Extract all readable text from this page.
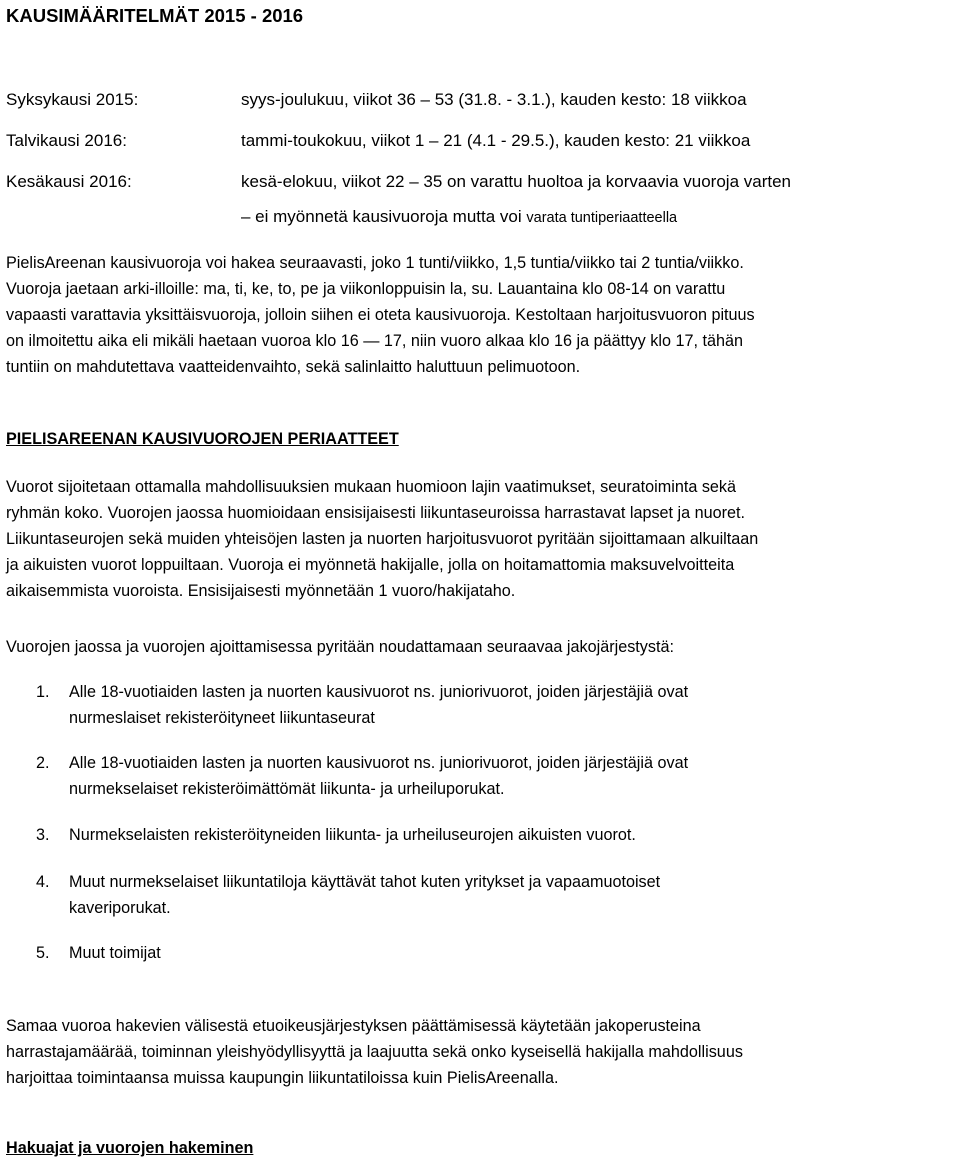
KAUSIMÄÄRITELMÄT 2015 - 2016
Syksykausi 2015:	syys-joulukuu, viikot 36 – 53 (31.8. - 3.1.), kauden kesto: 18 viikkoa
Talvikausi 2016:	tammi-toukokuu, viikot 1 – 21 (4.1 - 29.5.), kauden kesto: 21 viikkoa
Kesäkausi 2016:	kesä-elokuu, viikot 22 – 35 on varattu huoltoa ja korvaavia vuoroja varten
– ei myönnetä kausivuoroja mutta voi varata tuntiperiaatteella
PielisAreenan kausivuoroja voi hakea seuraavasti, joko 1 tunti/viikko, 1,5 tuntia/viikko tai 2 tuntia/viikko.
Vuoroja jaetaan arki-illoille: ma, ti, ke, to, pe ja viikonloppuisin la, su. Lauantaina klo 08-14 on varattu
vapaasti varattavia yksittäisvuoroja, jolloin siihen ei oteta kausivuoroja. Kestoltaan harjoitusvuoron pituus
on ilmoitettu aika eli mikäli haetaan vuoroa klo 16 — 17, niin vuoro alkaa klo 16 ja päättyy klo 17, tähän
tuntiin on mahdutettava vaatteidenvaihto, sekä salinlaitto haluttuun pelimuotoon.
PIELISAREENAN KAUSIVUOROJEN PERIAATTEET
Vuorot sijoitetaan ottamalla mahdollisuuksien mukaan huomioon lajin vaatimukset, seuratoiminta sekä
ryhmän koko. Vuorojen jaossa huomioidaan ensisijaisesti liikuntaseuroissa harrastavat lapset ja nuoret.
Liikuntaseurojen sekä muiden yhteisöjen lasten ja nuorten harjoitusvuorot pyritään sijoittamaan alkuiltaan
ja aikuisten vuorot loppuiltaan. Vuoroja ei myönnetä hakijalle, jolla on hoitamattomia maksuvelvoitteita
aikaisemmista vuoroista. Ensisijaisesti myönnetään 1 vuoro/hakijataho.
Vuorojen jaossa ja vuorojen ajoittamisessa pyritään noudattamaan seuraavaa jakojärjestystä:
1. Alle 18-vuotiaiden lasten ja nuorten kausivuorot ns. juniorivuorot, joiden järjestäjiä ovat
nurmeslaiset rekisteröityneet liikuntaseurat
2. Alle 18-vuotiaiden lasten ja nuorten kausivuorot ns. juniorivuorot, joiden järjestäjiä ovat
nurmekselaiset rekisteröimättömät liikunta- ja urheiluporukat.
3. Nurmekselaisten rekisteröityneiden liikunta- ja urheiluseurojen aikuisten vuorot.
4. Muut nurmekselaiset liikuntatiloja käyttävät tahot kuten yritykset ja vapaamuotoiset
kaveriporukat.
5. Muut toimijat
Samaa vuoroa hakevien välisestä etuoikeusjärjestyksen päättämisessä käytetään jakoperusteina
harrastajamäärää, toiminnan yleishyödyllisyyttä ja laajuutta sekä onko kyseisellä hakijalla mahdollisuus
harjoittaa toimintaansa muissa kaupungin liikuntatiloissa kuin PielisAreenalla.
Hakuajat ja vuorojen hakeminen
